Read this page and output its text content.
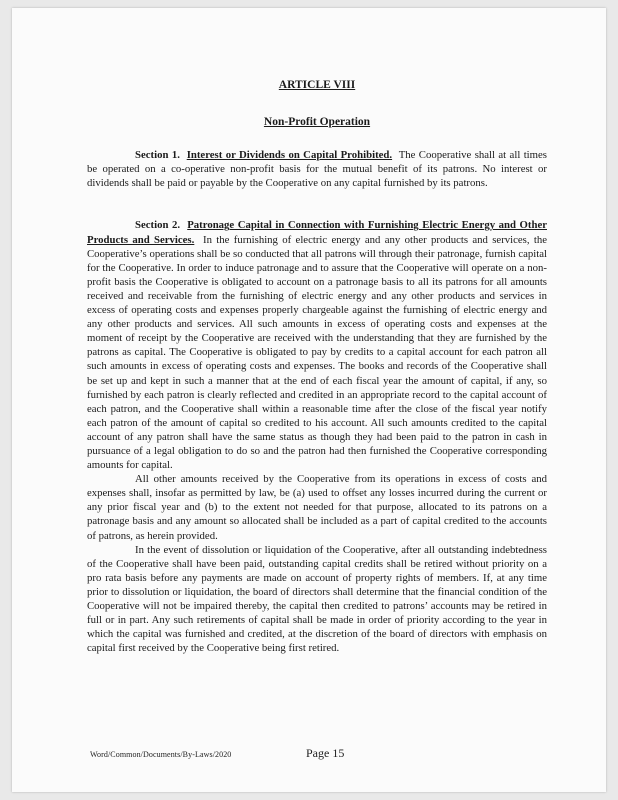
ARTICLE VIII
Non-Profit Operation

Section 1. Interest or Dividends on Capital Prohibited. The Cooperative shall at all times be operated on a co-operative non-profit basis for the mutual benefit of its patrons. No interest or dividends shall be paid or payable by the Cooperative on any capital furnished by its patrons.

Section 2. Patronage Capital in Connection with Furnishing Electric Energy and Other Products and Services. In the furnishing of electric energy and any other products and services, the Cooperative’s operations shall be so conducted that all patrons will through their patronage, furnish capital for the Cooperative. In order to induce patronage and to assure that the Cooperative will operate on a non-profit basis the Cooperative is obligated to account on a patronage basis to all its patrons for all amounts received and receivable from the furnishing of electric energy and any other products and services in excess of operating costs and expenses properly chargeable against the furnishing of electric energy and any other products and services. All such amounts in excess of operating costs and expenses at the moment of receipt by the Cooperative are received with the understanding that they are furnished by the patrons as capital. The Cooperative is obligated to pay by credits to a capital account for each patron all such amounts in excess of operating costs and expenses. The books and records of the Cooperative shall be set up and kept in such a manner that at the end of each fiscal year the amount of capital, if any, so furnished by each patron is clearly reflected and credited in an appropriate record to the capital account of each patron, and the Cooperative shall within a reasonable time after the close of the fiscal year notify each patron of the amount of capital so credited to his account. All such amounts credited to the capital account of any patron shall have the same status as though they had been paid to the patron in cash in pursuance of a legal obligation to do so and the patron had then furnished the Cooperative corresponding amounts for capital.

All other amounts received by the Cooperative from its operations in excess of costs and expenses shall, insofar as permitted by law, be (a) used to offset any losses incurred during the current or any prior fiscal year and (b) to the extent not needed for that purpose, allocated to its patrons on a patronage basis and any amount so allocated shall be included as a part of capital credited to the accounts of patrons, as herein provided.

In the event of dissolution or liquidation of the Cooperative, after all outstanding indebtedness of the Cooperative shall have been paid, outstanding capital credits shall be retired without priority on a pro rata basis before any payments are made on account of property rights of members. If, at any time prior to dissolution or liquidation, the board of directors shall determine that the financial condition of the Cooperative will not be impaired thereby, the capital then credited to patrons’ accounts may be retired in full or in part. Any such retirements of capital shall be made in order of priority according to the year in which the capital was furnished and credited, at the discretion of the board of directors with emphasis on capital first received by the Cooperative being first retired.

Word/Common/Documents/By-Laws/2020	Page 15
